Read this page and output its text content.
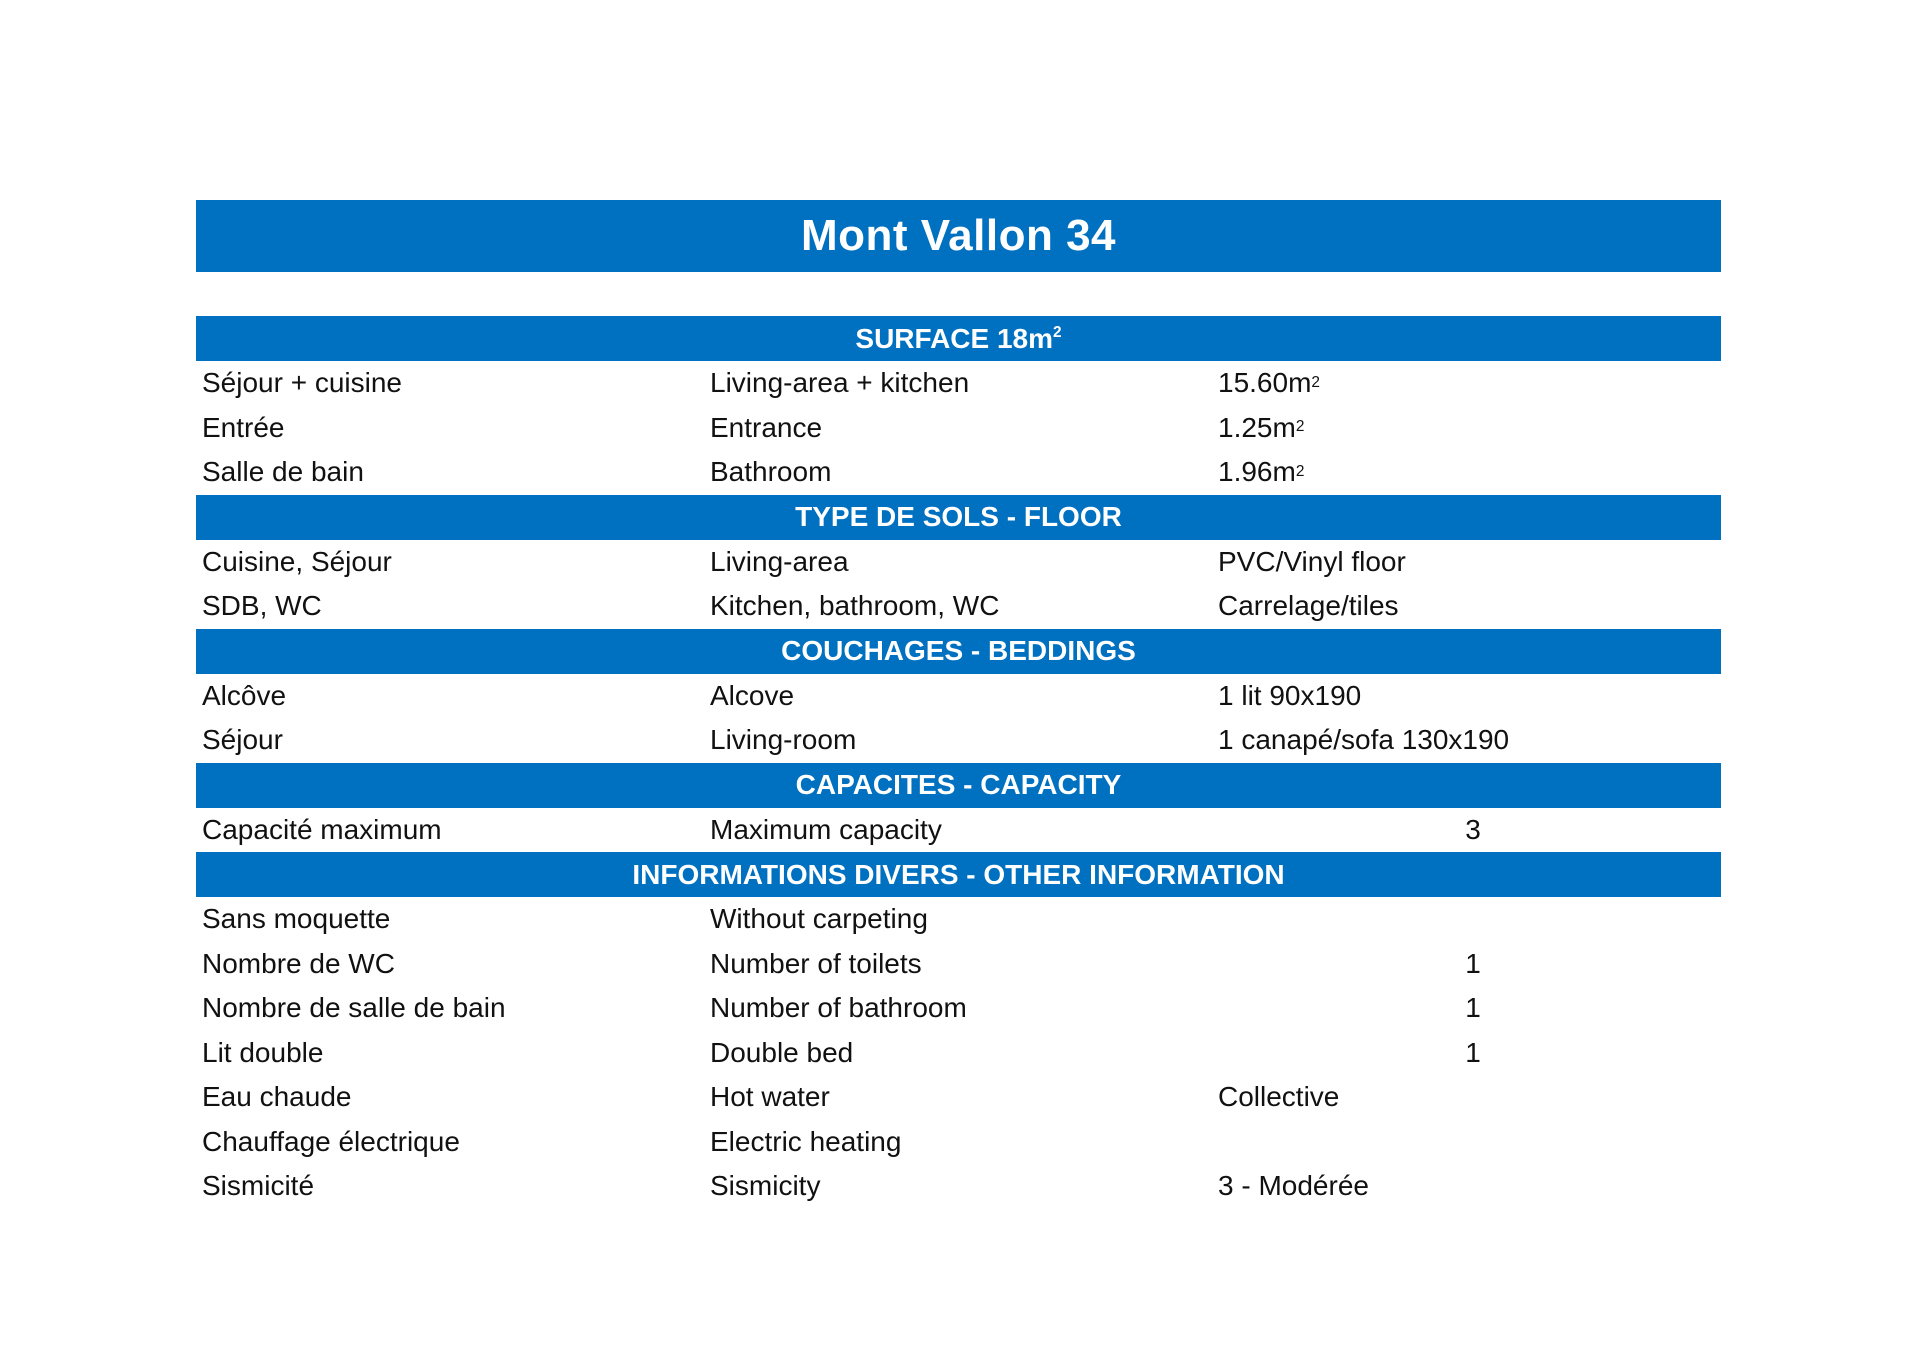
Mont Vallon 34
SURFACE $18m^2$
Séjour + cuisine	Living-area + kitchen	$15.60m^2$
Entrée	Entrance	$1.25m^2$
Salle de bain	Bathroom	$1.96m^2$
TYPE DE SOLS - FLOOR
Cuisine, Séjour	Living-area	PVC/Vinyl floor
SDB, WC	Kitchen, bathroom, WC	Carrelage/tiles
COUCHAGES - BEDDINGS
Alcôve	Alcove	1 lit 90x190
Séjour	Living-room	1 canapé/sofa 130x190
CAPACITES - CAPACITY
Capacité maximum	Maximum capacity	3
INFORMATIONS DIVERS - OTHER INFORMATION
Sans moquette	Without carpeting
Nombre de WC	Number of toilets	1
Nombre de salle de bain	Number of bathroom	1
Lit double	Double bed	1
Eau chaude	Hot water	Collective
Chauffage électrique	Electric heating
Sismicité	Sismicity	3 - Modérée
